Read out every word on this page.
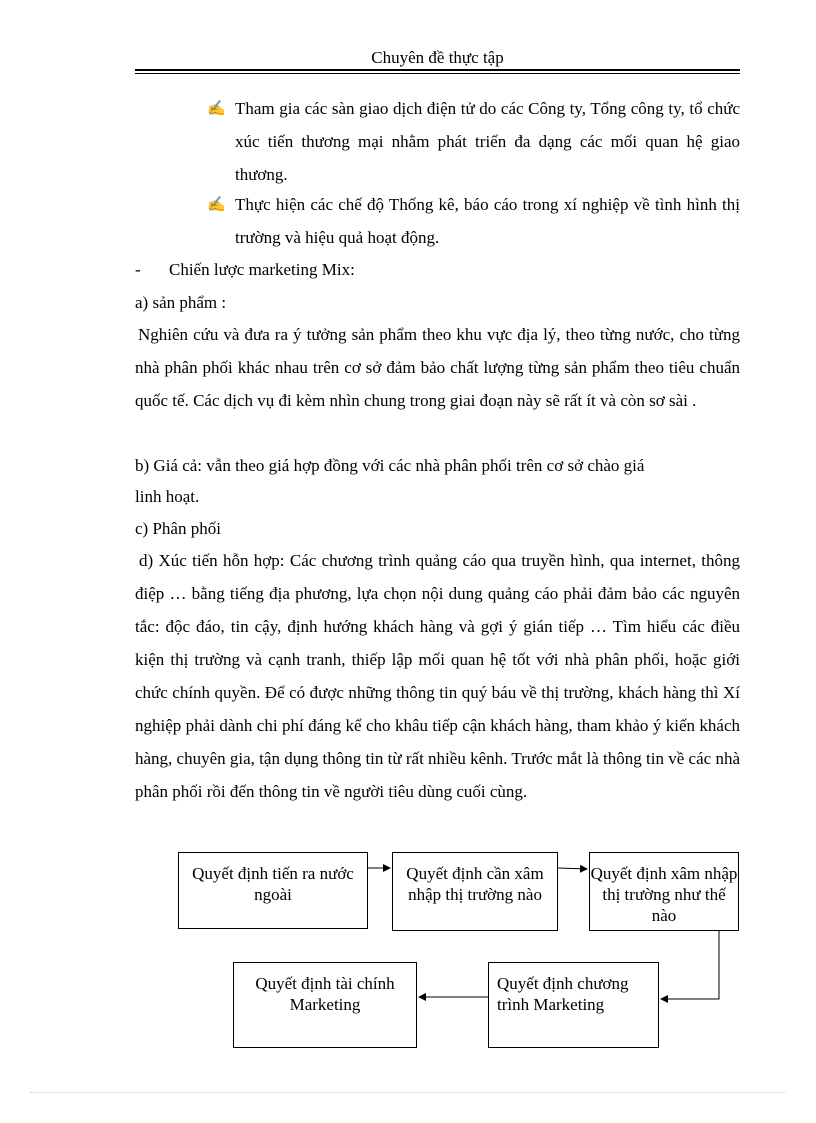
Chuyên đề thực tập
✍ Tham gia các sàn giao dịch điện tử do các Công ty, Tổng công ty, tổ chức xúc tiến thương mại nhằm phát triển đa dạng các mối quan hệ giao thương.
✍ Thực hiện các chế độ Thống kê, báo cáo trong xí nghiệp về tình hình thị trường và hiệu quả hoạt động.
- Chiến lược marketing Mix:
a) sản phẩm :
Nghiên cứu và đưa ra ý tưởng sản phẩm theo khu vực địa lý, theo từng nước, cho từng nhà phân phối khác nhau trên cơ sở đảm bảo chất lượng từng sản phẩm theo tiêu chuẩn quốc tế. Các dịch vụ đi kèm nhìn chung trong giai đoạn này sẽ rất ít và còn sơ sài .
b) Giá cả: vẫn theo giá hợp đồng với các nhà phân phối trên cơ sở chào giá
linh hoạt.
c) Phân phối
d) Xúc tiến hỗn hợp: Các chương trình quảng cáo qua truyền hình, qua internet, thông điệp … bằng tiếng địa phương, lựa chọn nội dung quảng cáo phải đảm bảo các nguyên tắc: độc đáo, tin cậy, định hướng khách hàng và gợi ý gián tiếp … Tìm hiểu các điều kiện thị trường và cạnh tranh, thiếp lập mối quan hệ tốt với nhà phân phối, hoặc giới chức chính quyền. Để có được những thông tin quý báu về thị trường, khách hàng thì Xí nghiệp phải dành chi phí đáng kể cho khâu tiếp cận khách hàng, tham khảo ý kiến khách hàng, chuyên gia, tận dụng thông tin từ rất nhiều kênh. Trước mắt là thông tin về các nhà phân phối rồi đến thông tin về người tiêu dùng cuối cùng.
Quyết định tiến ra nước ngoài
Quyết định cần xâm nhập thị trường nào
Quyết định xâm nhập thị trường như thế nào
Quyết định chương trình Marketing
Quyết định tài chính Marketing
